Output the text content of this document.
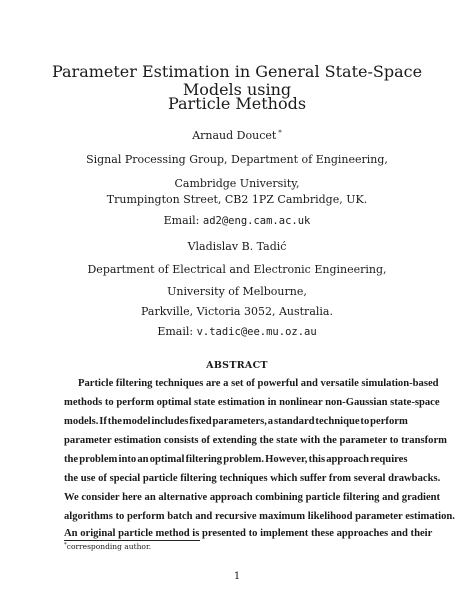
Parameter Estimation in General State-Space Models using
Particle Methods

Arnaud Doucet *

Signal Processing Group, Department of Engineering,

Cambridge University,

Trumpington Street, CB2 1PZ Cambridge, UK.

Email: ad2@eng.cam.ac.uk

Vladislav B. Tadić

Department of Electrical and Electronic Engineering,

University of Melbourne,

Parkville, Victoria 3052, Australia.

Email: v.tadic@ee.mu.oz.au

ABSTRACT

Particle filtering techniques are a set of powerful and versatile simulation-based

methods to perform optimal state estimation in nonlinear non-Gaussian state-space

models. If the model includes fixed parameters, a standard technique to perform

parameter estimation consists of extending the state with the parameter to transform

the problem into an optimal filtering problem. However, this approach requires

the use of special particle filtering techniques which suffer from several drawbacks.

We consider here an alternative approach combining particle filtering and gradient

algorithms to perform batch and recursive maximum likelihood parameter estimation.

An original particle method is presented to implement these approaches and their

*corresponding author.

1
